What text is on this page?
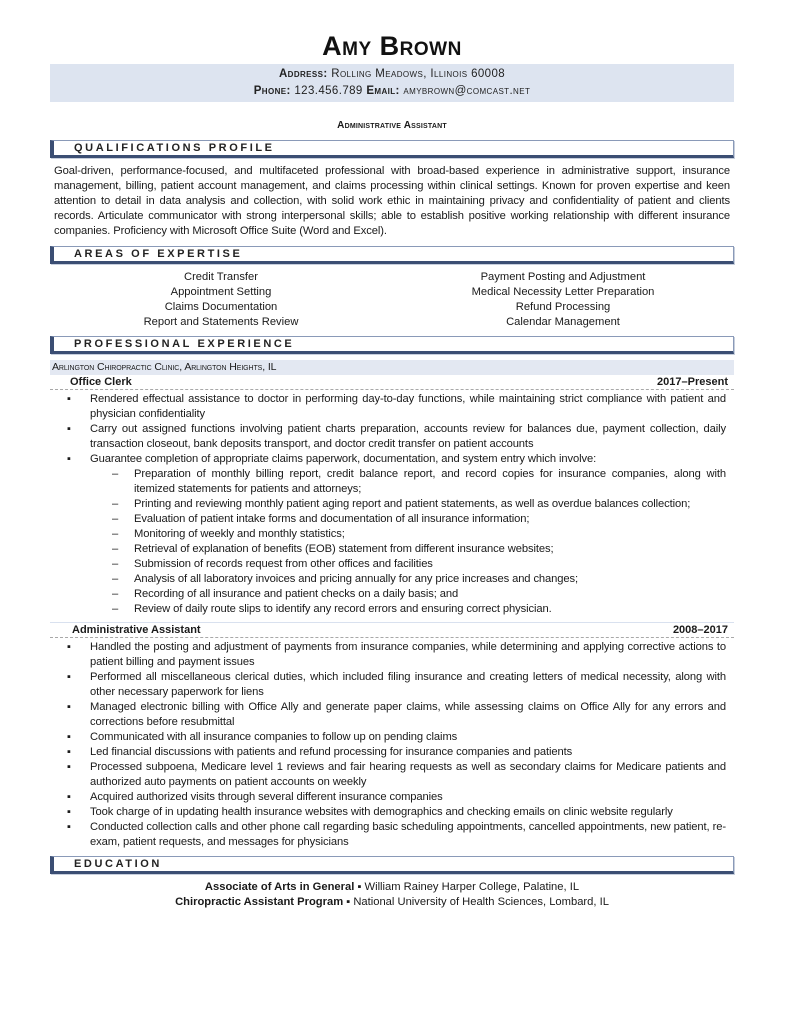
Amy Brown
Address: Rolling Meadows, Illinois 60008
Phone: 123.456.789 Email: amybrown@comcast.net
Administrative Assistant
QUALIFICATIONS PROFILE
Goal-driven, performance-focused, and multifaceted professional with broad-based experience in administrative support, insurance management, billing, patient account management, and claims processing within clinical settings. Known for proven expertise and keen attention to detail in data analysis and collection, with solid work ethic in maintaining privacy and confidentiality of patient and clients records. Articulate communicator with strong interpersonal skills; able to establish positive working relationship with different insurance companies. Proficiency with Microsoft Office Suite (Word and Excel).
AREAS OF EXPERTISE
Credit Transfer
Appointment Setting
Claims Documentation
Report and Statements Review
Payment Posting and Adjustment
Medical Necessity Letter Preparation
Refund Processing
Calendar Management
PROFESSIONAL EXPERIENCE
Arlington Chiropractic Clinic, Arlington Heights, IL
Office Clerk	2017–Present
▪ Rendered effectual assistance to doctor in performing day-to-day functions, while maintaining strict compliance with patient and physician confidentiality
▪ Carry out assigned functions involving patient charts preparation, accounts review for balances due, payment collection, daily transaction closeout, bank deposits transport, and doctor credit transfer on patient accounts
▪ Guarantee completion of appropriate claims paperwork, documentation, and system entry which involve:
– Preparation of monthly billing report, credit balance report, and record copies for insurance companies, along with itemized statements for patients and attorneys;
– Printing and reviewing monthly patient aging report and patient statements, as well as overdue balances collection;
– Evaluation of patient intake forms and documentation of all insurance information;
– Monitoring of weekly and monthly statistics;
– Retrieval of explanation of benefits (EOB) statement from different insurance websites;
– Submission of records request from other offices and facilities
– Analysis of all laboratory invoices and pricing annually for any price increases and changes;
– Recording of all insurance and patient checks on a daily basis; and
– Review of daily route slips to identify any record errors and ensuring correct physician.
Administrative Assistant	2008–2017
▪ Handled the posting and adjustment of payments from insurance companies, while determining and applying corrective actions to patient billing and payment issues
▪ Performed all miscellaneous clerical duties, which included filing insurance and creating letters of medical necessity, along with other necessary paperwork for liens
▪ Managed electronic billing with Office Ally and generate paper claims, while assessing claims on Office Ally for any errors and corrections before resubmittal
▪ Communicated with all insurance companies to follow up on pending claims
▪ Led financial discussions with patients and refund processing for insurance companies and patients
▪ Processed subpoena, Medicare level 1 reviews and fair hearing requests as well as secondary claims for Medicare patients and authorized auto payments on patient accounts on weekly
▪ Acquired authorized visits through several different insurance companies
▪ Took charge of in updating health insurance websites with demographics and checking emails on clinic website regularly
▪ Conducted collection calls and other phone call regarding basic scheduling appointments, cancelled appointments, new patient, re-exam, patient requests, and messages for physicians
EDUCATION
Associate of Arts in General ▪ William Rainey Harper College, Palatine, IL
Chiropractic Assistant Program ▪ National University of Health Sciences, Lombard, IL
